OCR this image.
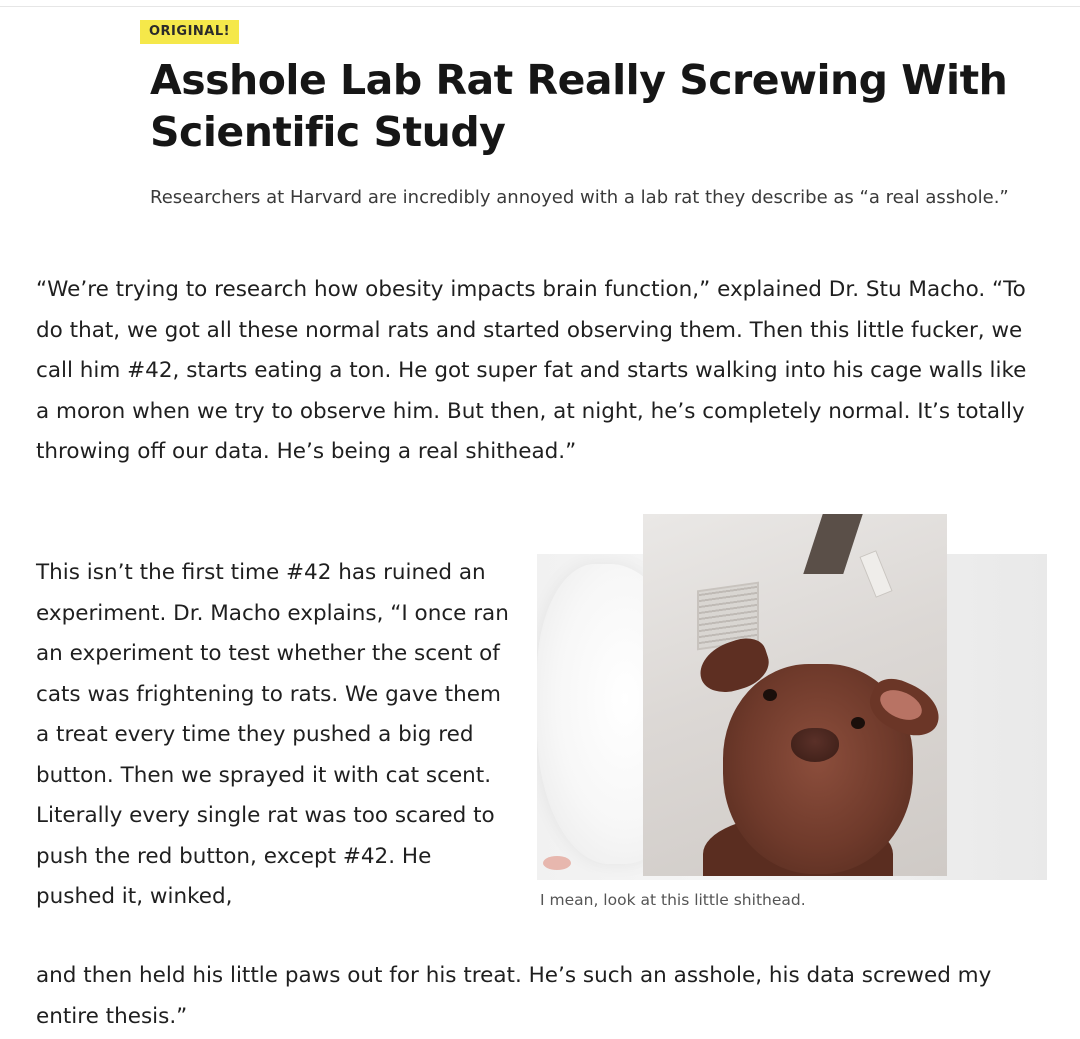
ORIGINAL!
Asshole Lab Rat Really Screwing With Scientific Study

Researchers at Harvard are incredibly annoyed with a lab rat they describe as “a real asshole.”

“We’re trying to research how obesity impacts brain function,” explained Dr. Stu Macho. “To do that, we got all these normal rats and started observing them. Then this little fucker, we call him #42, starts eating a ton. He got super fat and starts walking into his cage walls like a moron when we try to observe him. But then, at night, he’s completely normal. It’s totally throwing off our data. He’s being a real shithead.”

This isn’t the first time #42 has ruined an experiment. Dr. Macho explains, “I once ran an experiment to test whether the scent of cats was frightening to rats. We gave them a treat every time they pushed a big red button. Then we sprayed it with cat scent. Literally every single rat was too scared to push the red button, except #42. He pushed it, winked,	I mean, look at this little shithead.

and then held his little paws out for his treat. He’s such an asshole, his data screwed my entire thesis.”
